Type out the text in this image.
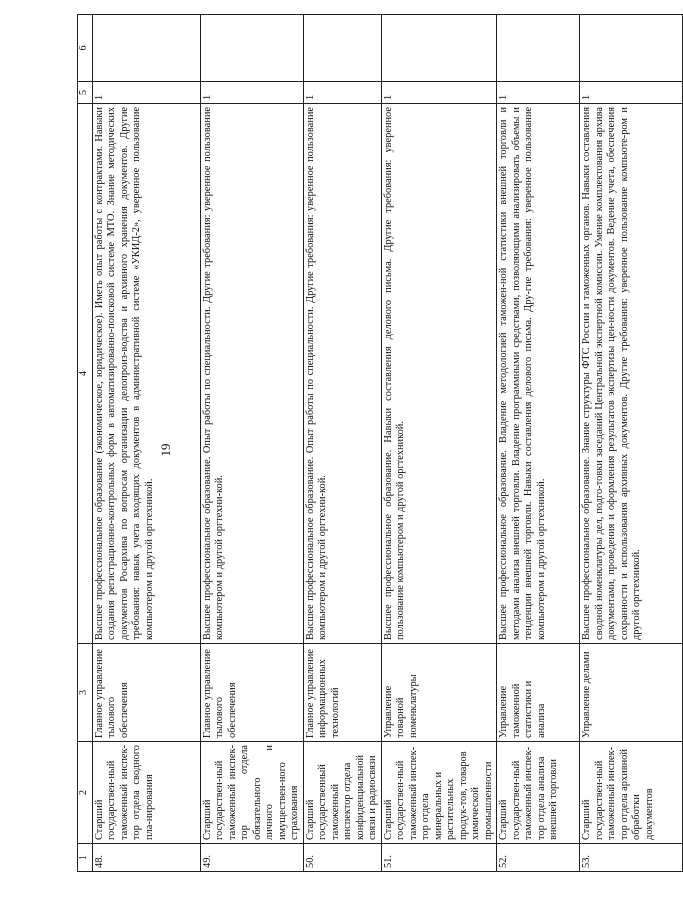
19
1	2	3	4	5	6
48.	Старший государствен-ный таможенный инспек-тор отдела сводного пла-нирования	Главное управление тылового обеспечения	Высшее профессиональное образование (экономическое, юридическое). Иметь опыт работы с контрактами. Навыки создания регистрационно-контрольных форм в автоматизированно-поисковой системе МТО. Знание методических документов Росархива по вопросам организации делопроиз-водства и архивного хранения документов. Другие требования: навык учета входящих документов в административной системе «УКИД-2», уверенное пользование компьютером и другой оргтехникой.	1	
49.	Старший государствен-ный таможенный инспек-тор отдела обязательного личного и имуществен-ного страхования	Главное управление тылового обеспечения	Высшее профессиональное образование. Опыт работы по специальности. Другие требования: уверенное пользование компьютером и другой оргтехни-кой.	1	
50.	Старший государственный таможенный инспектор отдела конфиденциальной связи и радиосвязи	Главное управление информационных технологий	Высшее профессиональное образование. Опыт работы по специальности. Другие требования: уверенное пользование компьютером и другой оргтехни-кой.	1	
51.	Старший государствен-ный таможенный инспек-тор отдела минеральных и растительных продук-тов, товаров химической промышленности	Управление товарной номенклатуры	Высшее профессиональное образование. Навыки составления делового письма. Другие требования: уверенное пользование компьютером и другой оргтехникой.	1	
52.	Старший государствен-ный таможенный инспек-тор отдела анализа внешней торговли	Управление таможенной статистики и анализа	Высшее профессиональное образование. Владение методологией таможен-ной статистики внешней торговли и методами анализа внешней торговли. Владение программными средствами, позволяющими анализировать объемы и тенденции внешней торговли. Навыки составления делового письма. Дру-гие требования: уверенное пользование компьютером и другой оргтехникой.	1	
53.	Старший государствен-ный таможенный инспек-тор отдела архивной обработки документов	Управление делами	Высшее профессиональное образование. Знание структуры ФТС России и таможенных органов. Навыки составления сводной номенклатуры дел, подго-товки заседаний Центральной экспертной комиссии. Умение комплектования архива документами, проведения и оформления результатов экспертизы цен-ности документов. Ведение учета, обеспечения сохранности и использования архивных документов. Другие требования: уверенное пользование компьюте-ром и другой оргтехникой.	1	
